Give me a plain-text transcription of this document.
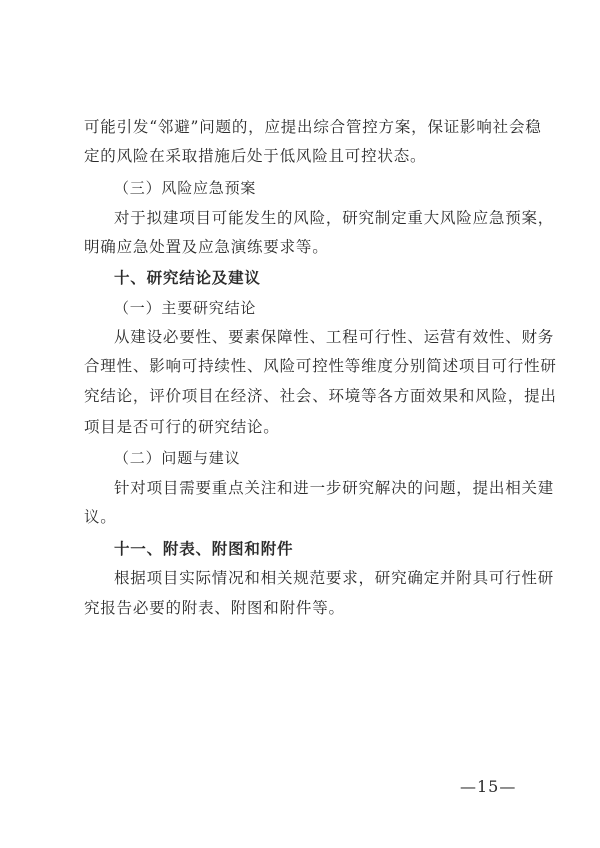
可能引发“邻避”问题的，应提出综合管控方案，保证影响社会稳
定的风险在采取措施后处于低风险且可控状态。
（三）风险应急预案
对于拟建项目可能发生的风险，研究制定重大风险应急预案，
明确应急处置及应急演练要求等。
十、研究结论及建议
（一）主要研究结论
从建设必要性、要素保障性、工程可行性、运营有效性、财务
合理性、影响可持续性、风险可控性等维度分别简述项目可行性研
究结论，评价项目在经济、社会、环境等各方面效果和风险，提出
项目是否可行的研究结论。
（二）问题与建议
针对项目需要重点关注和进一步研究解决的问题，提出相关建
议。
十一、附表、附图和附件
根据项目实际情况和相关规范要求，研究确定并附具可行性研
究报告必要的附表、附图和附件等。
—15—
